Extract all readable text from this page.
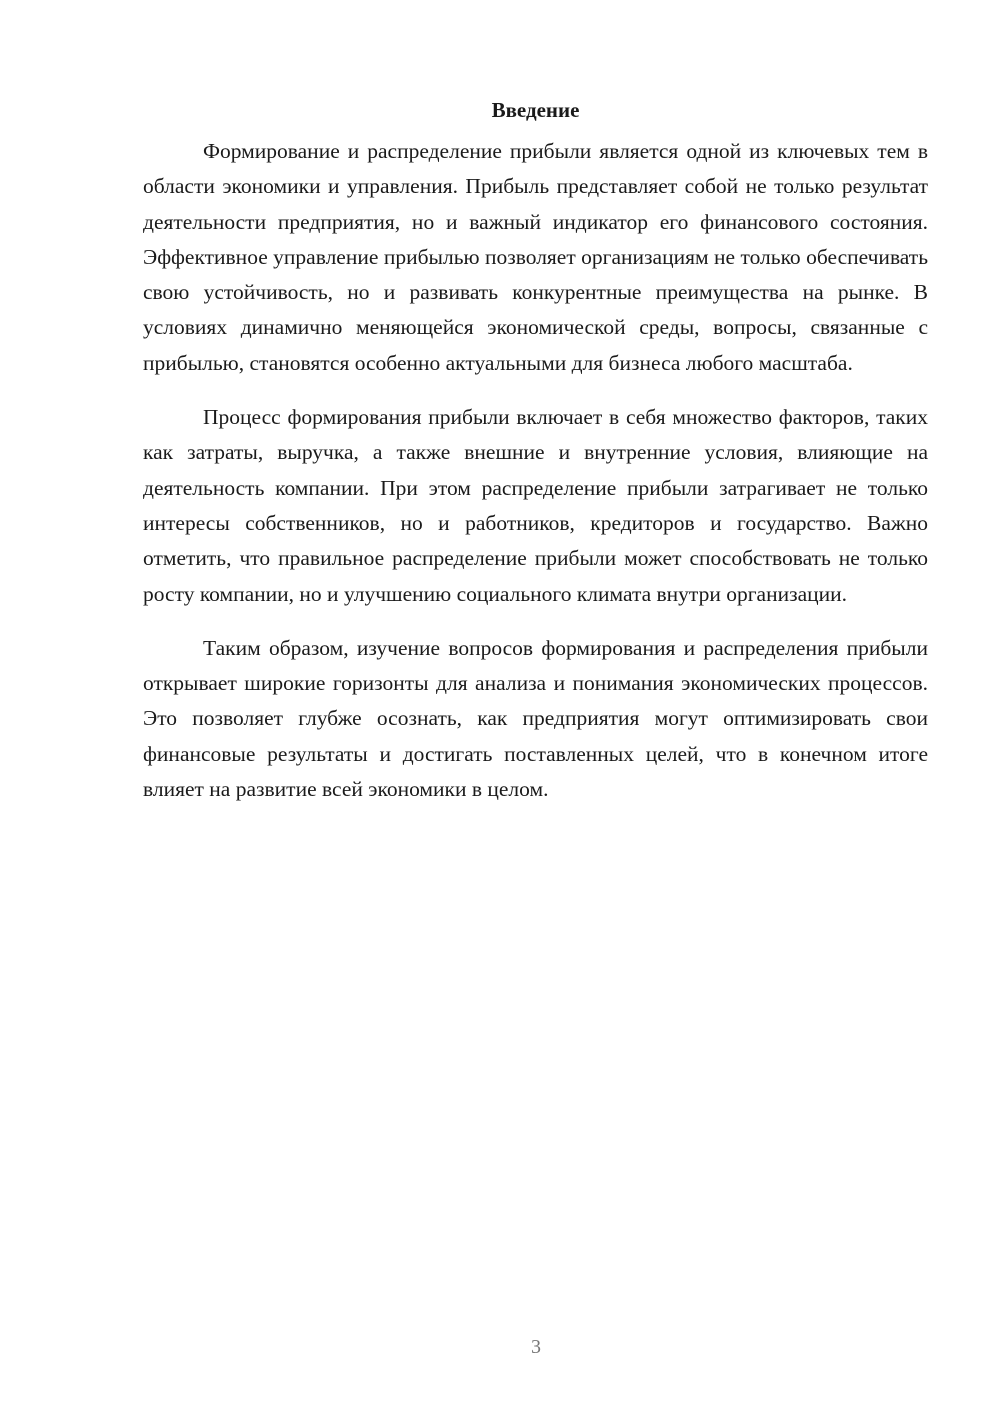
Введение

Формирование и распределение прибыли является одной из ключевых тем в области экономики и управления. Прибыль представляет собой не только результат деятельности предприятия, но и важный индикатор его финансового состояния. Эффективное управление прибылью позволяет организациям не только обеспечивать свою устойчивость, но и развивать конкурентные преимущества на рынке. В условиях динамично меняющейся экономической среды, вопросы, связанные с прибылью, становятся особенно актуальными для бизнеса любого масштаба.

Процесс формирования прибыли включает в себя множество факторов, таких как затраты, выручка, а также внешние и внутренние условия, влияющие на деятельность компании. При этом распределение прибыли затрагивает не только интересы собственников, но и работников, кредиторов и государство. Важно отметить, что правильное распределение прибыли может способствовать не только росту компании, но и улучшению социального климата внутри организации.

Таким образом, изучение вопросов формирования и распределения прибыли открывает широкие горизонты для анализа и понимания экономических процессов. Это позволяет глубже осознать, как предприятия могут оптимизировать свои финансовые результаты и достигать поставленных целей, что в конечном итоге влияет на развитие всей экономики в целом.

3
